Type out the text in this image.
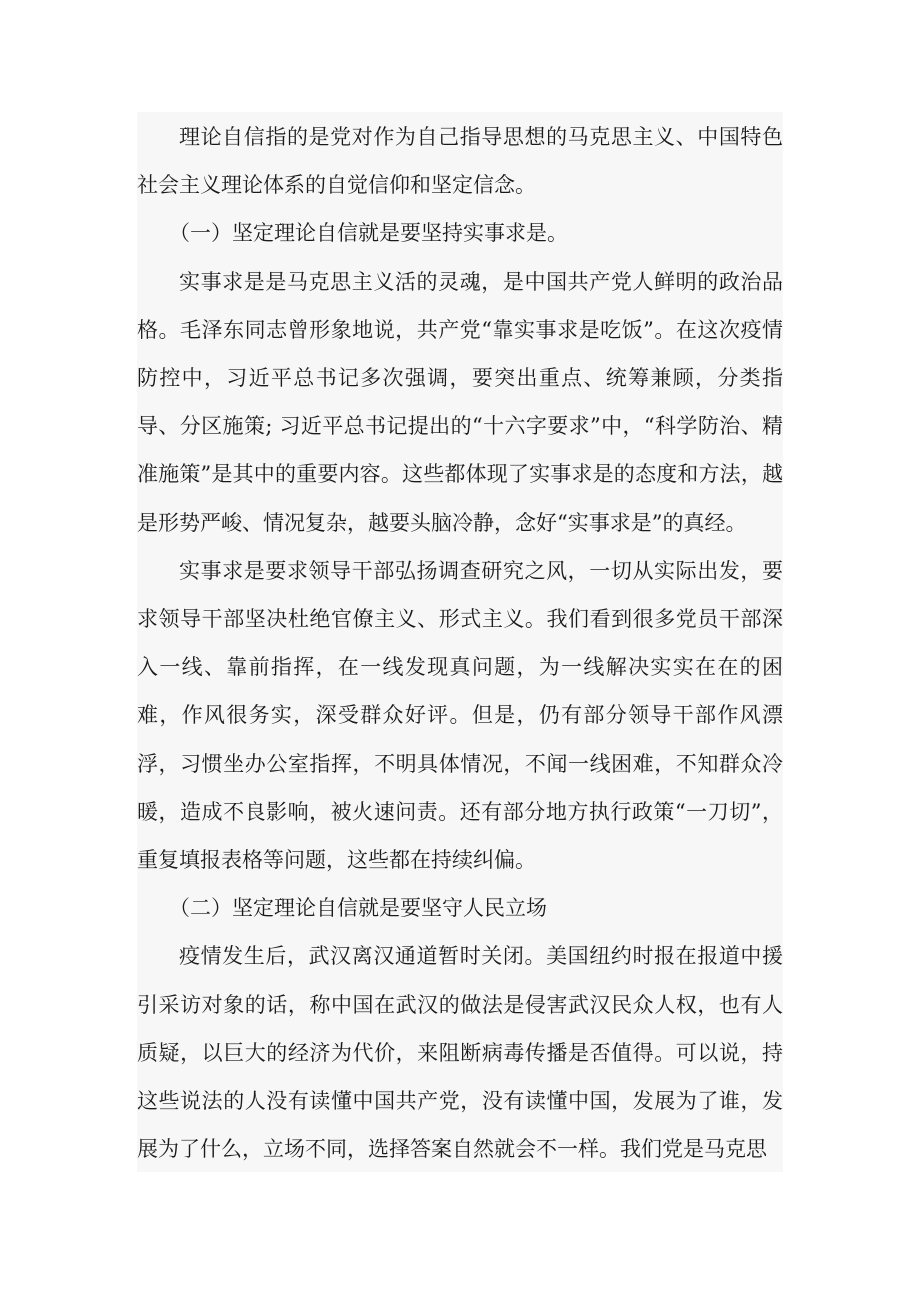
理论自信指的是党对作为自己指导思想的马克思主义、中国特色社会主义理论体系的自觉信仰和坚定信念。

（一）坚定理论自信就是要坚持实事求是。

实事求是是马克思主义活的灵魂，是中国共产党人鲜明的政治品格。毛泽东同志曾形象地说，共产党“靠实事求是吃饭”。在这次疫情防控中，习近平总书记多次强调，要突出重点、统筹兼顾，分类指导、分区施策; 习近平总书记提出的“十六字要求”中，“科学防治、精准施策”是其中的重要内容。这些都体现了实事求是的态度和方法，越是形势严峻、情况复杂，越要头脑冷静，念好“实事求是”的真经。

实事求是要求领导干部弘扬调查研究之风，一切从实际出发，要求领导干部坚决杜绝官僚主义、形式主义。我们看到很多党员干部深入一线、靠前指挥，在一线发现真问题，为一线解决实实在在的困难，作风很务实，深受群众好评。但是，仍有部分领导干部作风漂浮，习惯坐办公室指挥，不明具体情况，不闻一线困难，不知群众冷暖，造成不良影响，被火速问责。还有部分地方执行政策“一刀切”，重复填报表格等问题，这些都在持续纠偏。

（二）坚定理论自信就是要坚守人民立场

疫情发生后，武汉离汉通道暂时关闭。美国纽约时报在报道中援引采访对象的话，称中国在武汉的做法是侵害武汉民众人权，也有人质疑，以巨大的经济为代价，来阻断病毒传播是否值得。可以说，持这些说法的人没有读懂中国共产党，没有读懂中国，发展为了谁，发展为了什么，立场不同，选择答案自然就会不一样。我们党是马克思
